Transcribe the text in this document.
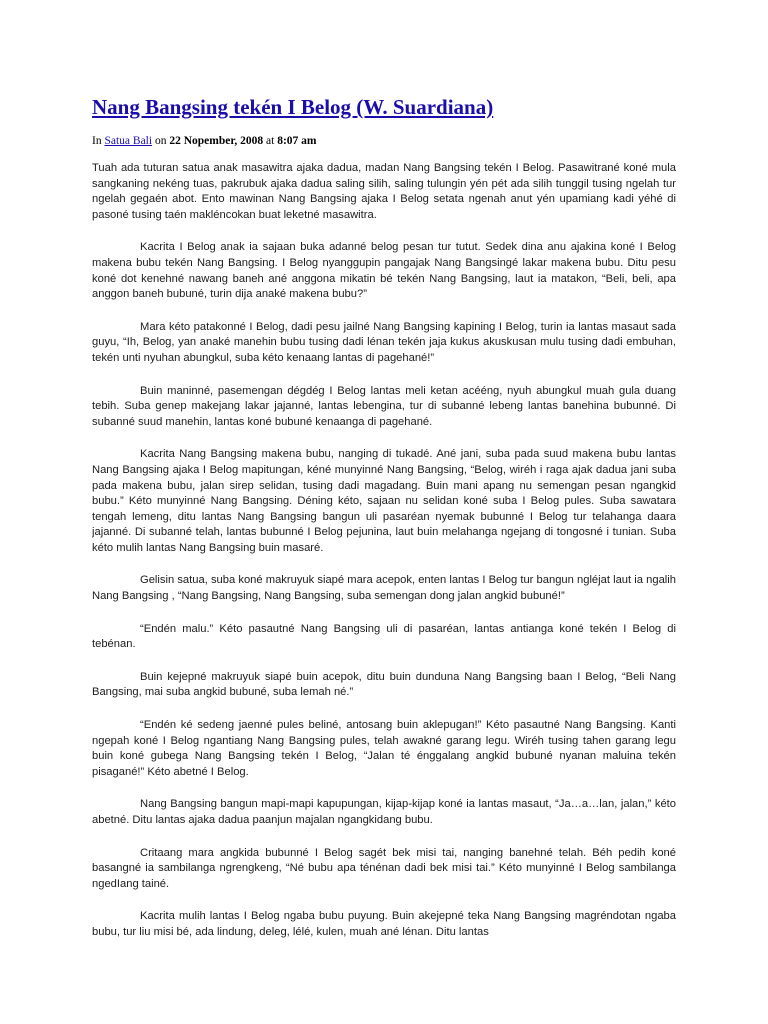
Nang Bangsing tekén I Belog (W. Suardiana)
In Satua Bali on 22 Nopember, 2008 at 8:07 am

Tuah ada tuturan satua anak masawitra ajaka dadua, madan Nang Bangsing tekén I Belog. Pasawitrané koné mula sangkaning nekéng tuas, pakrubuk ajaka dadua saling silih, saling tulungin yén pét ada silih tunggil tusing ngelah tur ngelah gegaén abot. Ento mawinan Nang Bangsing ajaka I Belog setata ngenah anut yén upamiang kadi yéhé di pasoné tusing taén makléncokan buat leketné masawitra.

Kacrita I Belog anak ia sajaan buka adanné belog pesan tur tutut. Sedek dina anu ajakina koné I Belog makena bubu tekén Nang Bangsing. I Belog nyanggupin pangajak Nang Bangsingé lakar makena bubu. Ditu pesu koné dot kenehné nawang baneh ané anggona mikatin bé tekén Nang Bangsing, laut ia matakon, “Beli, beli, apa anggon baneh bubuné, turin dija anaké makena bubu?”

Mara kéto patakonné I Belog, dadi pesu jailné Nang Bangsing kapining I Belog, turin ia lantas masaut sada guyu, “Ih, Belog, yan anaké manehin bubu tusing dadi lénan tekén jaja kukus akuskusan mulu tusing dadi embuhan, tekén unti nyuhan abungkul, suba kéto kenaang lantas di pagehané!”

Buin maninné, pasemengan dégdég I Belog lantas meli ketan acééng, nyuh abungkul muah gula duang tebih. Suba genep makejang lakar jajanné, lantas lebengina, tur di subanné lebeng lantas banehina bubunné. Di subanné suud manehin, lantas koné bubuné kenaanga di pagehané.

Kacrita Nang Bangsing makena bubu, nanging di tukadé. Ané jani, suba pada suud makena bubu lantas Nang Bangsing ajaka I Belog mapitungan, kéné munyinné Nang Bangsing, “Belog, wiréh i raga ajak dadua jani suba pada makena bubu, jalan sirep selidan, tusing dadi magadang. Buin mani apang nu semengan pesan ngangkid bubu.” Kéto munyinné Nang Bangsing. Déning kéto, sajaan nu selidan koné suba I Belog pules. Suba sawatara tengah lemeng, ditu lantas Nang Bangsing bangun uli pasaréan nyemak bubunné I Belog tur telahanga daara jajanné. Di subanné telah, lantas bubunné I Belog pejunina, laut buin melahanga ngejang di tongosné i tunian. Suba kéto mulih lantas Nang Bangsing buin masaré.

Gelisin satua, suba koné makruyuk siapé mara acepok, enten lantas I Belog tur bangun ngléjat laut ia ngalih Nang Bangsing , “Nang Bangsing, Nang Bangsing, suba semengan dong jalan angkid bubuné!”

“Endén malu.” Kéto pasautné Nang Bangsing uli di pasaréan, lantas antianga koné tekén I Belog di tebénan.

Buin kejepné makruyuk siapé buin acepok, ditu buin dunduna Nang Bangsing baan I Belog, “Beli Nang Bangsing, mai suba angkid bubuné, suba lemah né.”

“Endén ké sedeng jaenné pules beliné, antosang buin aklepugan!” Kéto pasautné Nang Bangsing. Kanti ngepah koné I Belog ngantiang Nang Bangsing pules, telah awakné garang legu. Wiréh tusing tahen garang legu buin koné gubega Nang Bangsing tekén I Belog, “Jalan té énggalang angkid bubuné nyanan maluina tekén pisagané!” Kéto abetné I Belog.

Nang Bangsing bangun mapi-mapi kapupungan, kijap-kijap koné ia lantas masaut, “Ja…a…lan, jalan,” kéto abetné. Ditu lantas ajaka dadua paanjun majalan ngangkidang bubu.

Critaang mara angkida bubunné I Belog sagét bek misi tai, nanging banehné telah. Béh pedih koné basangné ia sambilanga ngrengkeng, “Né bubu apa ténénan dadi bek misi tai.” Kéto munyinné I Belog sambilanga ngedIang tainé.

Kacrita mulih lantas I Belog ngaba bubu puyung. Buin akejepné teka Nang Bangsing magréndotan ngaba bubu, tur liu misi bé, ada lindung, deleg, lélé, kulen, muah ané lénan. Ditu lantas
